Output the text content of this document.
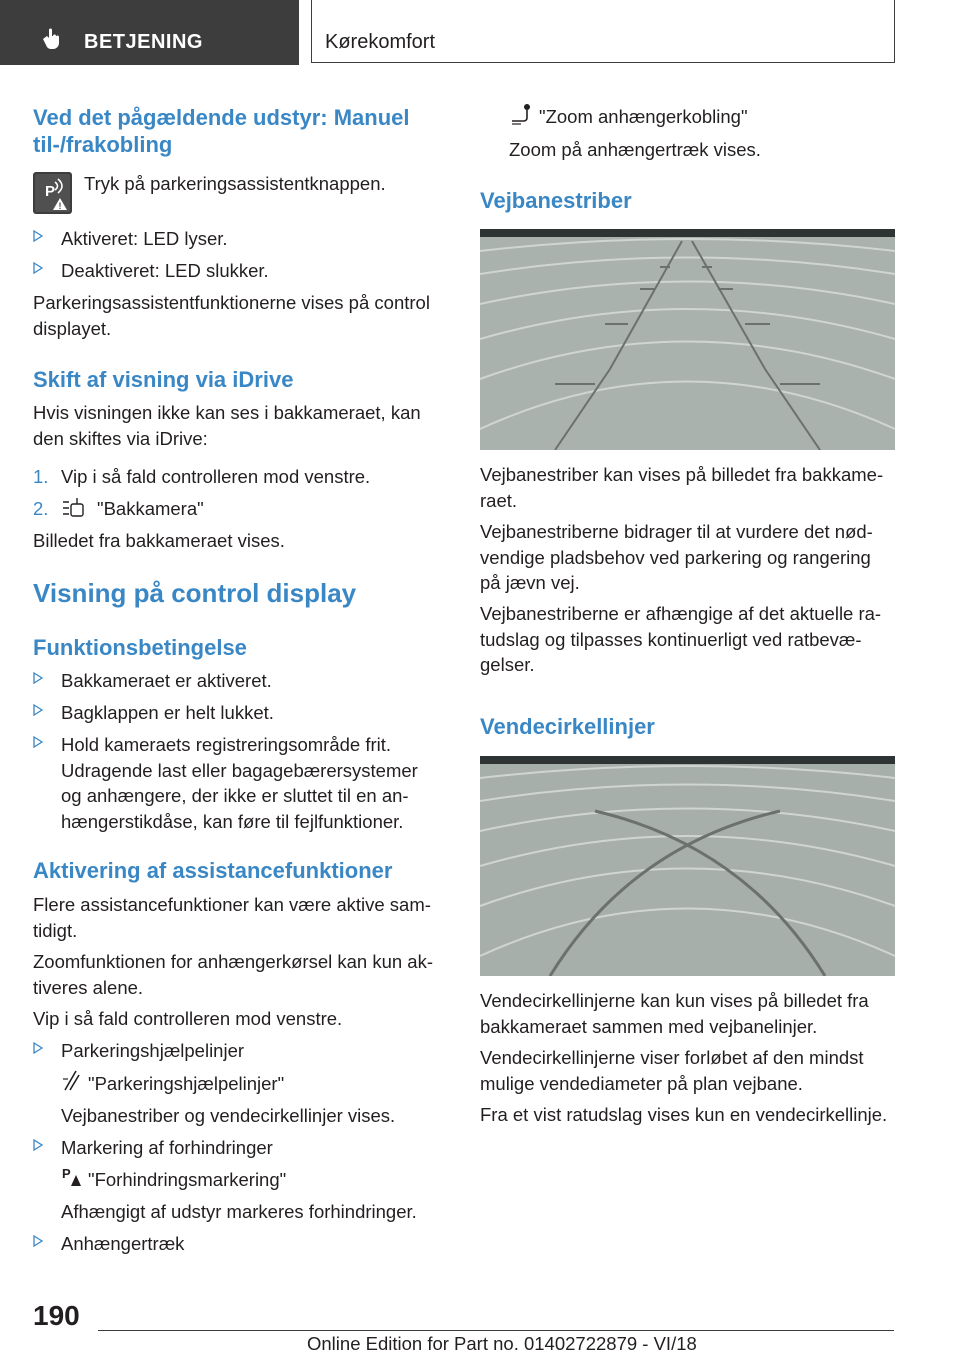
BETJENING	Kørekomfort
Ved det pågældende udstyr: Manuel til-/frakobling
P
!
Tryk på parkeringsassistentknappen.
Aktiveret: LED lyser.
Deaktiveret: LED slukker.
Parkeringsassistentfunktionerne vises på control
displayet.
Skift af visning via iDrive
Hvis visningen ikke kan ses i bakkameraet, kan
den skiftes via iDrive:
1. Vip i så fald controlleren mod venstre.
2.	"Bakkamera"
Billedet fra bakkameraet vises.
Visning på control display
Funktionsbetingelse
Bakkameraet er aktiveret.
Bagklappen er helt lukket.
Hold kameraets registreringsområde frit.
Udragende last eller bagagebærersystemer
og anhængere, der ikke er sluttet til en an-
hængerstikdåse, kan føre til fejlfunktioner.
Aktivering af assistancefunktioner
Flere assistancefunktioner kan være aktive sam-
tidigt.
Zoomfunktionen for anhængerkørsel kan kun ak-
tiveres alene.
Vip i så fald controlleren mod venstre.
Parkeringshjælpelinjer
"Parkeringshjælpelinjer"
Vejbanestriber og vendecirkellinjer vises.
Markering af forhindringer
P "Forhindringsmarkering"
Afhængigt af udstyr markeres forhindringer.
Anhængertræk
"Zoom anhængerkobling"
Zoom på anhængertræk vises.
Vejbanestriber
Vejbanestriber kan vises på billedet fra bakkame-
raet.
Vejbanestriberne bidrager til at vurdere det nød-
vendige pladsbehov ved parkering og rangering
på jævn vej.
Vejbanestriberne er afhængige af det aktuelle ra-
tudslag og tilpasses kontinuerligt ved ratbevæ-
gelser.
Vendecirkellinjer
Vendecirkellinjerne kan kun vises på billedet fra
bakkameraet sammen med vejbanelinjer.
Vendecirkellinjerne viser forløbet af den mindst
mulige vendediameter på plan vejbane.
Fra et vist ratudslag vises kun en vendecirkellinje.
190
Online Edition for Part no. 01402722879 - VI/18
